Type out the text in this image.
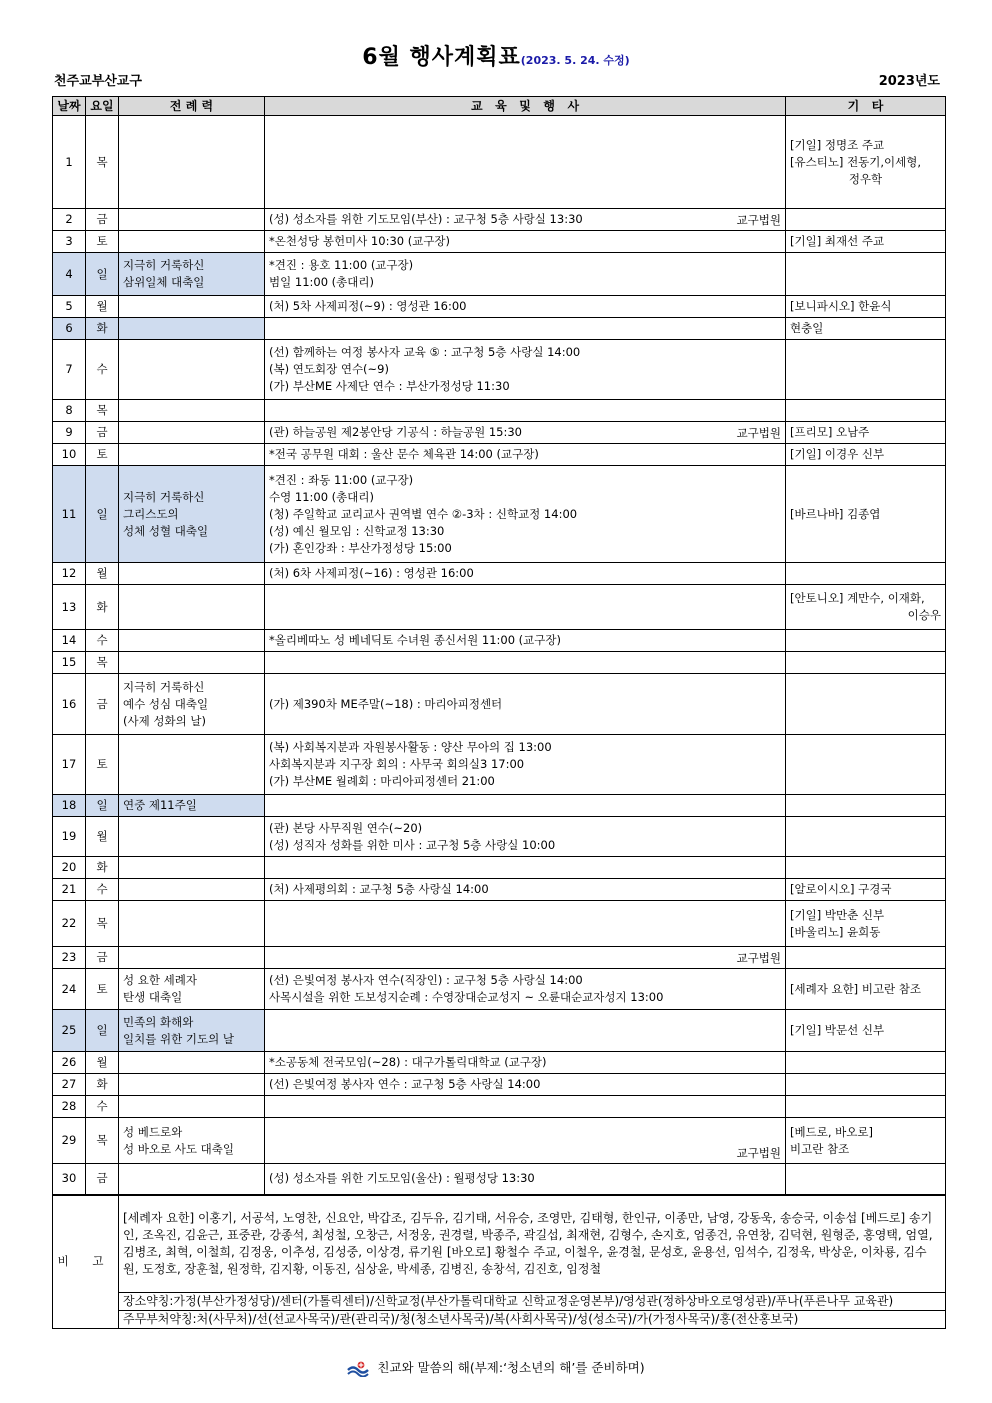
6월 행사계획표(2023. 5. 24. 수정)
천주교부산교구	2023년도
날짜	요일	전 례 력	교   육   및   행   사	기   타
1	목			[기일] 정명조 주교
[유스티노] 전동기,이세형,
정우학

2	금		(성) 성소자를 위한 기도모임(부산) : 교구청 5층 사랑실 13:30 교구법원	

3	토		*온천성당 봉헌미사 10:30 (교구장)	[기일] 최재선 주교
4	일	지극히 거룩하신
삼위일체 대축일	*견진 : 용호 11:00 (교구장)
범일 11:00 (총대리)	
5	월		(처) 5차 사제피정(~9) : 영성관 16:00	[보니파시오] 한윤식
6	화			현충일
7	수		(선) 함께하는 여정 봉사자 교육 ⑤ : 교구청 5층 사랑실 14:00
(복) 연도회장 연수(~9)
(가) 부산ME 사제단 연수 : 부산가정성당 11:30	
8	목			
9	금		(관) 하늘공원 제2봉안당 기공식 : 하늘공원 15:30 교구법원	[프리모] 오남주
10	토		*전국 공무원 대회 : 울산 문수 체육관 14:00 (교구장)	[기일] 이경우 신부
11	일	지극히 거룩하신
그리스도의
성체 성혈 대축일	*견진 : 좌동 11:00 (교구장)
수영 11:00 (총대리)
(청) 주일학교 교리교사 권역별 연수 ②-3차 : 신학교정 14:00
(성) 예신 월모임 : 신학교정 13:30
(가) 혼인강좌 : 부산가정성당 15:00	[바르나바] 김종엽
12	월		(처) 6차 사제피정(~16) : 영성관 16:00	
13	화			[안토니오] 계만수, 이재화,
이승우

14	수		*올리베따노 성 베네딕토 수녀원 종신서원 11:00 (교구장)	
15	목			
16	금	지극히 거룩하신
예수 성심 대축일
(사제 성화의 날)	(가) 제390차 ME주말(~18) : 마리아피정센터	
17	토		(복) 사회복지분과 자원봉사활동 : 양산 무아의 집 13:00
사회복지분과 지구장 회의 : 사무국 회의실3 17:00
(가) 부산ME 월례회 : 마리아피정센터 21:00	
18	일	연중 제11주일		
19	월		(관) 본당 사무직원 연수(~20)
(성) 성직자 성화를 위한 미사 : 교구청 5층 사랑실 10:00	
20	화			
21	수		(처) 사제평의회 : 교구청 5층 사랑실 14:00	[알로이시오] 구경국
22	목			[기일] 박만춘 신부
[바울리노] 윤희동
23	금		교구법원	

24	토	성 요한 세례자
탄생 대축일	(선) 은빛여정 봉사자 연수(직장인) : 교구청 5층 사랑실 14:00
사목시설을 위한 도보성지순례 : 수영장대순교성지 ~ 오륜대순교자성지 13:00	[세례자 요한] 비고란 참조
25	일	민족의 화해와
일치를 위한 기도의 날		[기일] 박문선 신부
26	월		*소공동체 전국모임(~28) : 대구가톨릭대학교 (교구장)	
27	화		(선) 은빛여정 봉사자 연수 : 교구청 5층 사랑실 14:00	
28	수			
29	목	성 베드로와
성 바오로 사도 대축일	교구법원	[베드로, 바오로]
비고란 참조
30	금		(성) 성소자를 위한 기도모임(울산) : 월평성당 13:30	
비 고		[세례자 요한] 이홍기, 서공석, 노영찬, 신요안, 박갑조, 김두유, 김기태, 서유승, 조영만, 김태형, 한인규, 이종만, 남영, 강동욱, 송승국, 이송섭 [베드로] 송기인, 조옥진, 김윤근, 표중관, 강종석, 최성철, 오창근, 서정웅, 권경렬, 박종주, 곽길섭, 최재현, 김형수, 손지호, 엄종건, 유연창, 김덕현, 원형준, 홍영택, 엄열, 김병조, 최혁, 이철희, 김정웅, 이추성, 김성중, 이상경, 류기원 [바오로] 황철수 주교, 이철우, 윤경철, 문성호, 윤용선, 임석수, 김정욱, 박상운, 이차룡, 김수원, 도정호, 장훈철, 원정학, 김지황, 이동진, 심상윤, 박세종, 김병진, 송창석, 김진호, 임정철		
		장소약칭:가정(부산가정성당)/센터(가톨릭센터)/신학교정(부산가톨릭대학교 신학교정운영본부)/영성관(정하상바오로영성관)/푸나(푸른나무 교육관)		
		주무부처약칭:처(사무처)/선(선교사목국)/관(관리국)/청(청소년사목국)/복(사회사목국)/성(성소국)/가(가정사목국)/홍(전산홍보국)		
친교와 말씀의 해(부제:‘청소년의 해’를 준비하며)
